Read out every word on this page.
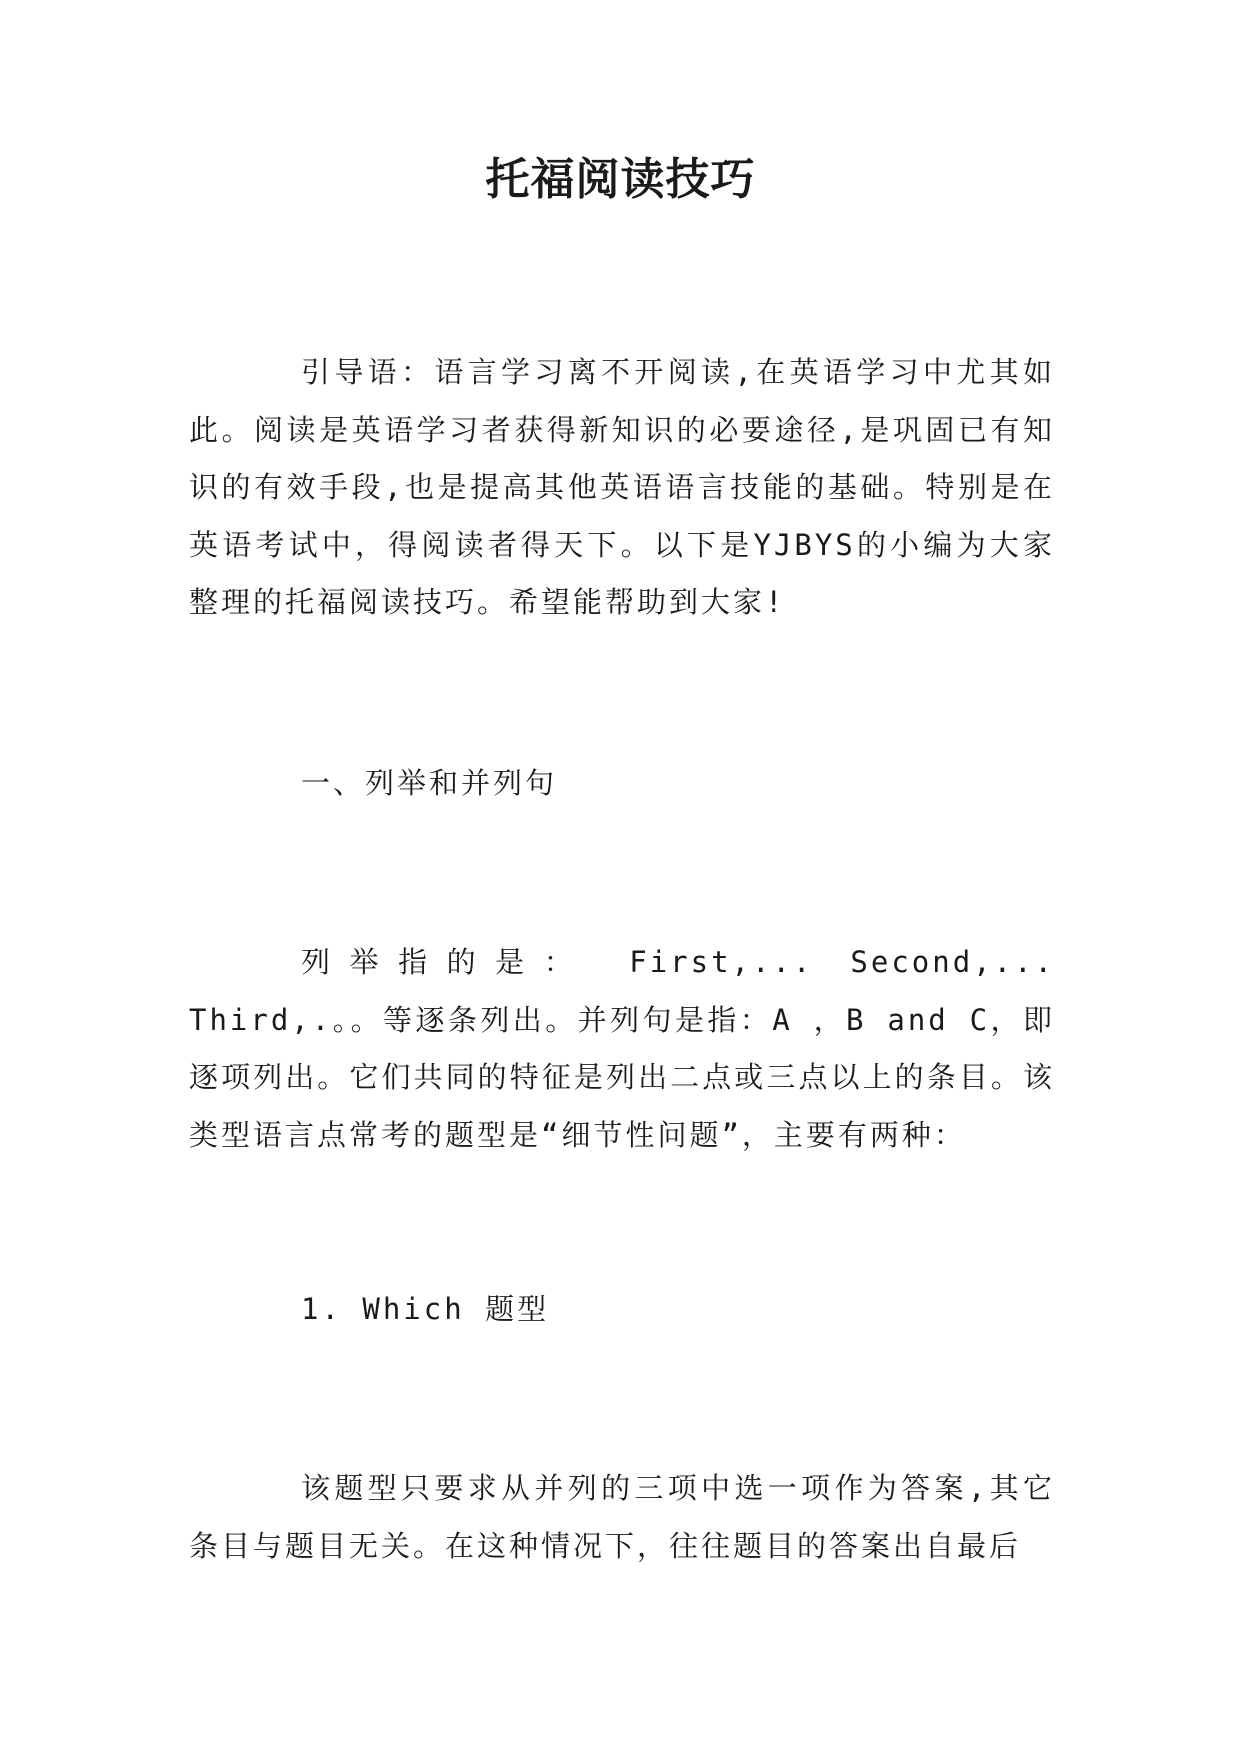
托福阅读技巧

引导语：语言学习离不开阅读,在英语学习中尤其如此。阅读是英语学习者获得新知识的必要途径,是巩固已有知识的有效手段,也是提高其他英语语言技能的基础。特别是在英语考试中，得阅读者得天下。以下是YJBYS的小编为大家整理的托福阅读技巧。希望能帮助到大家!

一、列举和并列句

列举指的是： First,... Second,... Third,.。。等逐条列出。并列句是指：A ，B and C，即逐项列出。它们共同的特征是列出二点或三点以上的条目。该类型语言点常考的题型是“细节性问题”，主要有两种：

1. Which 题型

该题型只要求从并列的三项中选一项作为答案,其它条目与题目无关。在这种情况下，往往题目的答案出自最后
